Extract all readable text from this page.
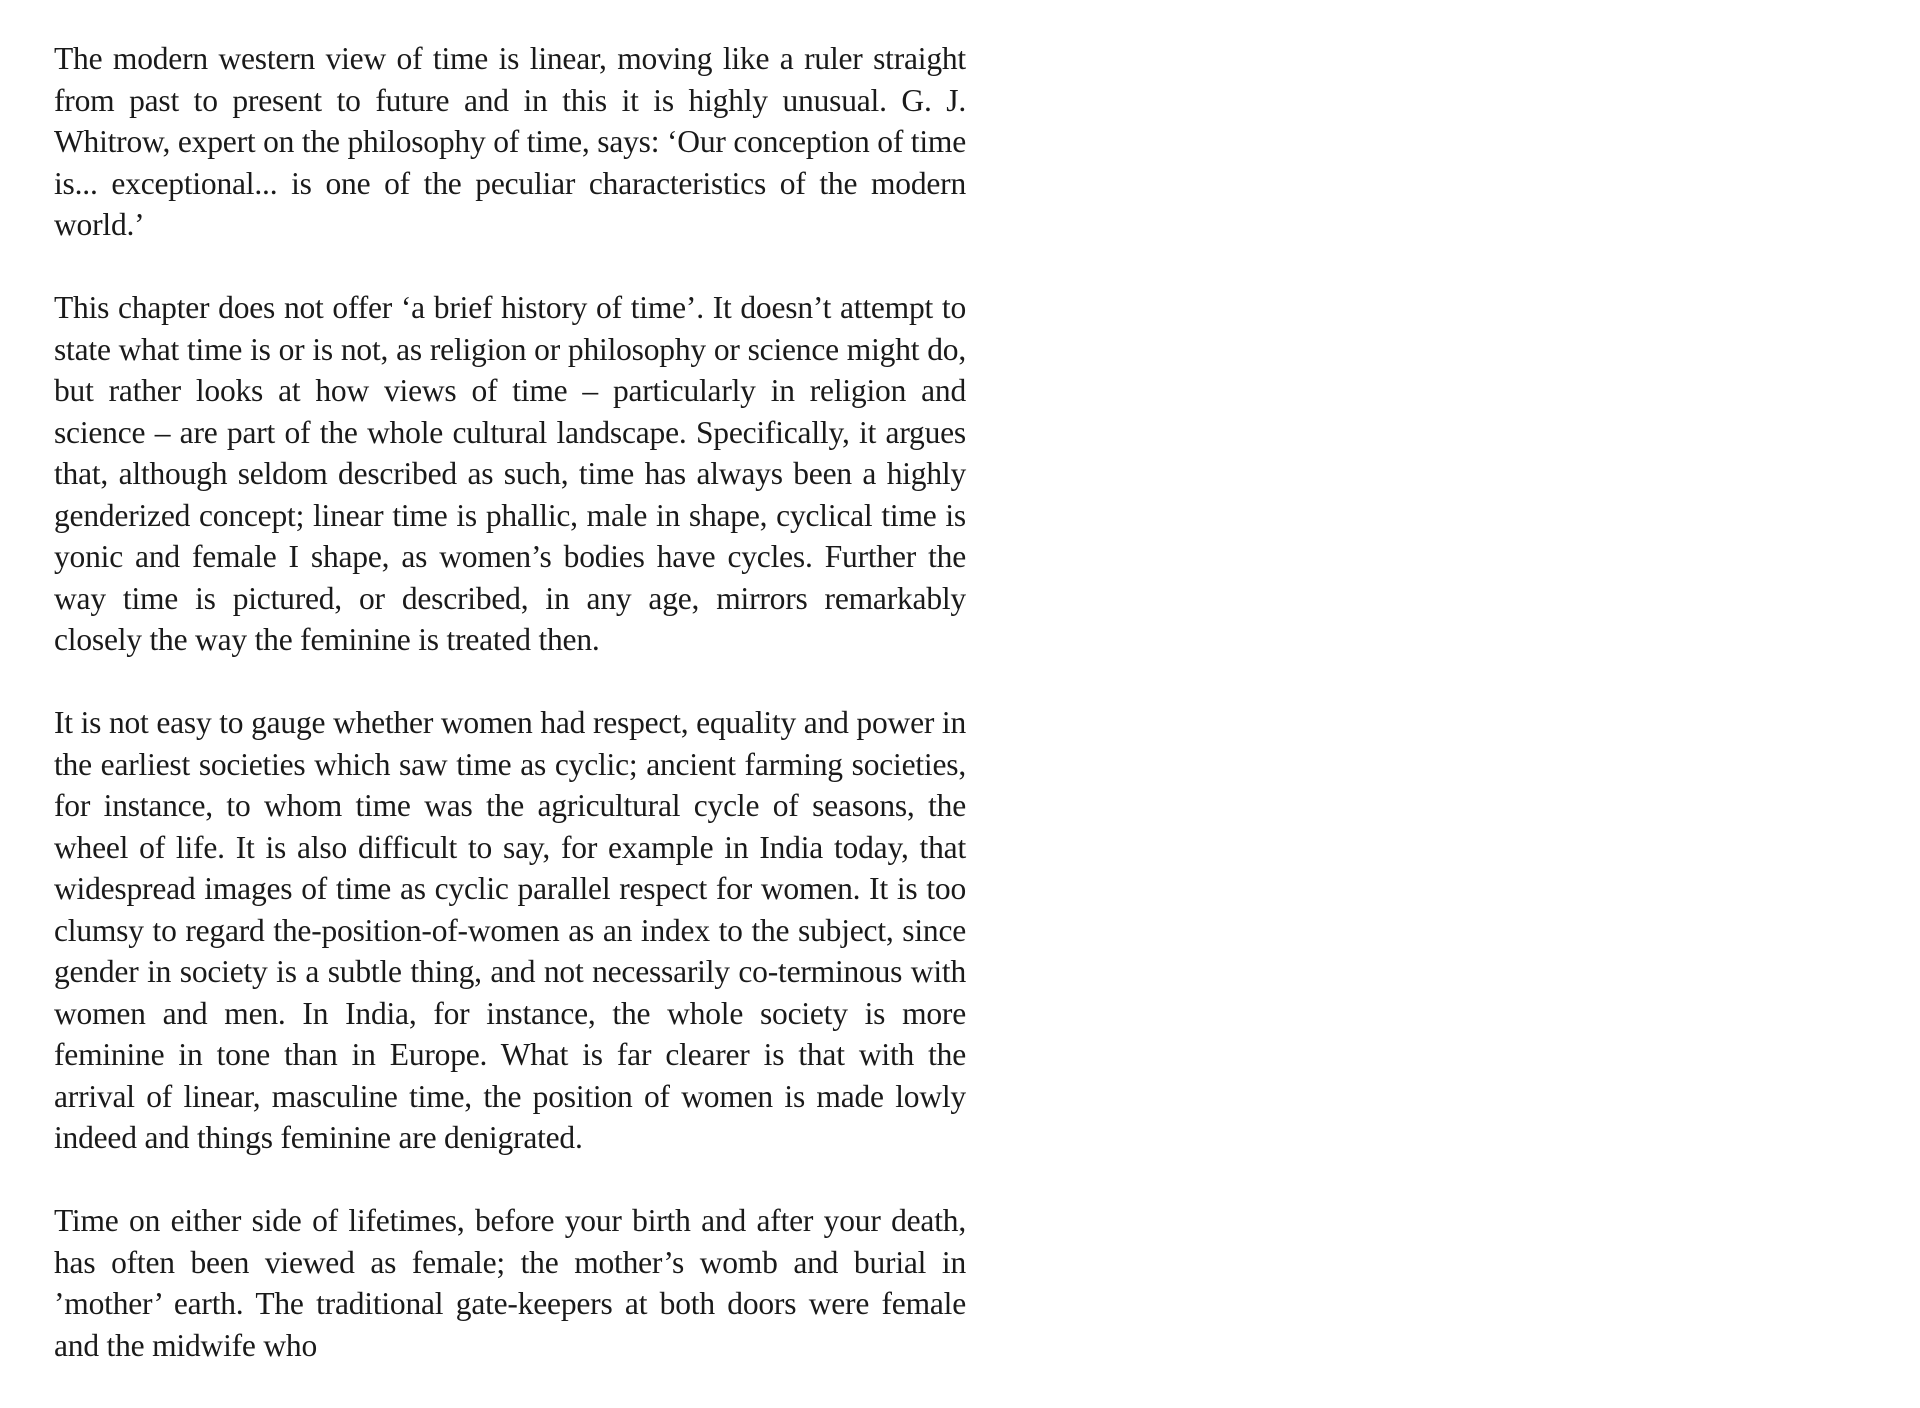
The modern western view of time is linear, moving like a ruler straight from past to present to future and in this it is highly unusual. G. J. Whitrow, expert on the philosophy of time, says: ‘Our conception of time is... exceptional... is one of the peculiar characteristics of the modern world.’

This chapter does not offer ‘a brief history of time’. It doesn’t attempt to state what time is or is not, as religion or philosophy or science might do, but rather looks at how views of time – particularly in religion and science – are part of the whole cultural landscape. Specifically, it argues that, although seldom described as such, time has always been a highly genderized concept; linear time is phallic, male in shape, cyclical time is yonic and female I shape, as women’s bodies have cycles. Further the way time is pictured, or described, in any age, mirrors remarkably closely the way the feminine is treated then.

It is not easy to gauge whether women had respect, equality and power in the earliest societies which saw time as cyclic; ancient farming societies, for instance, to whom time was the agricultural cycle of seasons, the wheel of life. It is also difficult to say, for example in India today, that widespread images of time as cyclic parallel respect for women. It is too clumsy to regard the-position-of-women as an index to the subject, since gender in society is a subtle thing, and not necessarily co-terminous with women and men. In India, for instance, the whole society is more feminine in tone than in Europe. What is far clearer is that with the arrival of linear, masculine time, the position of women is made lowly indeed and things feminine are denigrated.

Time on either side of lifetimes, before your birth and after your death, has often been viewed as female; the mother’s womb and burial in ’mother’ earth. The traditional gate-keepers at both doors were female and the midwife who
